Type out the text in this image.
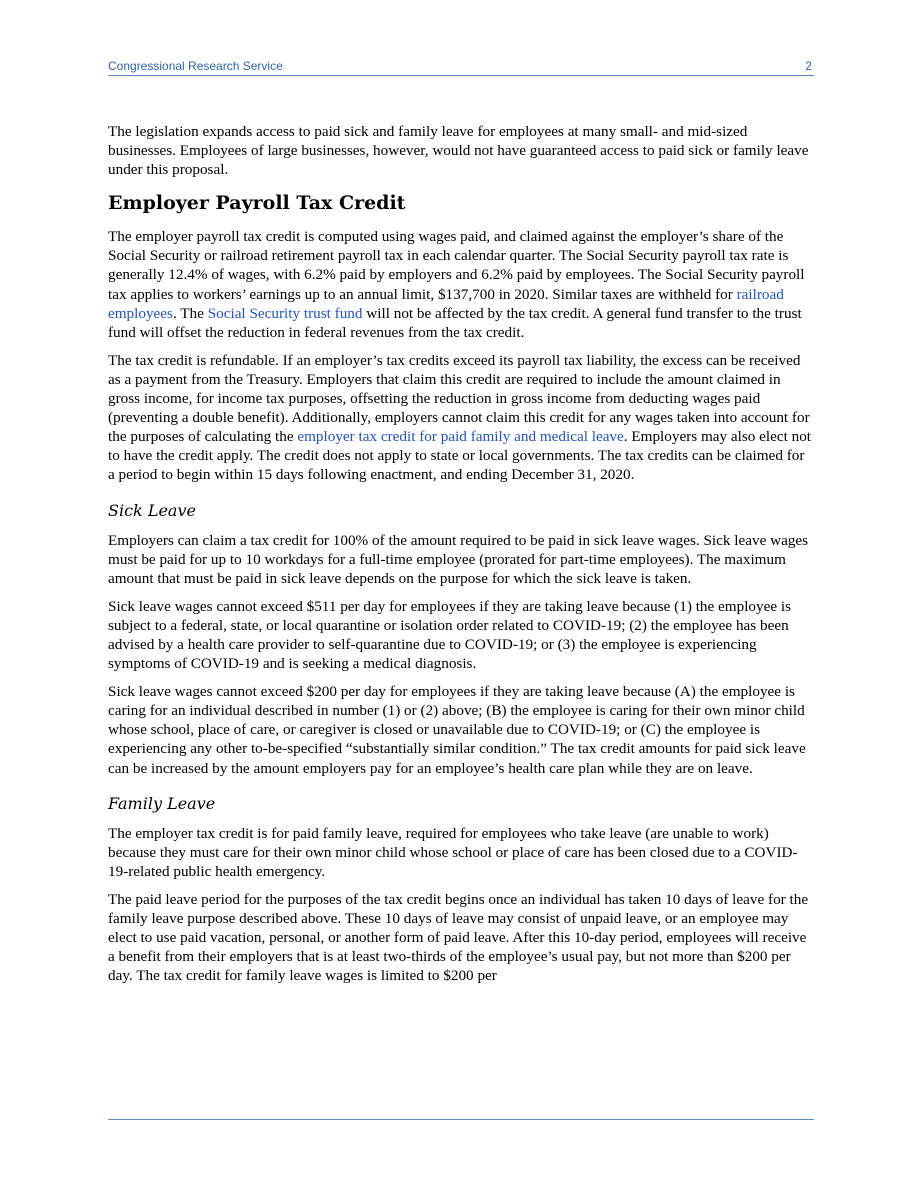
Congressional Research Service	2

The legislation expands access to paid sick and family leave for employees at many small- and mid-sized businesses. Employees of large businesses, however, would not have guaranteed access to paid sick or family leave under this proposal.

Employer Payroll Tax Credit

The employer payroll tax credit is computed using wages paid, and claimed against the employer’s share of the Social Security or railroad retirement payroll tax in each calendar quarter. The Social Security payroll tax rate is generally 12.4% of wages, with 6.2% paid by employers and 6.2% paid by employees. The Social Security payroll tax applies to workers’ earnings up to an annual limit, $137,700 in 2020. Similar taxes are withheld for railroad employees. The Social Security trust fund will not be affected by the tax credit. A general fund transfer to the trust fund will offset the reduction in federal revenues from the tax credit.

The tax credit is refundable. If an employer’s tax credits exceed its payroll tax liability, the excess can be received as a payment from the Treasury. Employers that claim this credit are required to include the amount claimed in gross income, for income tax purposes, offsetting the reduction in gross income from deducting wages paid (preventing a double benefit). Additionally, employers cannot claim this credit for any wages taken into account for the purposes of calculating the employer tax credit for paid family and medical leave. Employers may also elect not to have the credit apply. The credit does not apply to state or local governments. The tax credits can be claimed for a period to begin within 15 days following enactment, and ending December 31, 2020.

Sick Leave

Employers can claim a tax credit for 100% of the amount required to be paid in sick leave wages. Sick leave wages must be paid for up to 10 workdays for a full-time employee (prorated for part-time employees). The maximum amount that must be paid in sick leave depends on the purpose for which the sick leave is taken.

Sick leave wages cannot exceed $511 per day for employees if they are taking leave because (1) the employee is subject to a federal, state, or local quarantine or isolation order related to COVID-19; (2) the employee has been advised by a health care provider to self-quarantine due to COVID-19; or (3) the employee is experiencing symptoms of COVID-19 and is seeking a medical diagnosis.

Sick leave wages cannot exceed $200 per day for employees if they are taking leave because (A) the employee is caring for an individual described in number (1) or (2) above; (B) the employee is caring for their own minor child whose school, place of care, or caregiver is closed or unavailable due to COVID-19; or (C) the employee is experiencing any other to-be-specified “substantially similar condition.” The tax credit amounts for paid sick leave can be increased by the amount employers pay for an employee’s health care plan while they are on leave.

Family Leave

The employer tax credit is for paid family leave, required for employees who take leave (are unable to work) because they must care for their own minor child whose school or place of care has been closed due to a COVID-19-related public health emergency.

The paid leave period for the purposes of the tax credit begins once an individual has taken 10 days of leave for the family leave purpose described above. These 10 days of leave may consist of unpaid leave, or an employee may elect to use paid vacation, personal, or another form of paid leave. After this 10-day period, employees will receive a benefit from their employers that is at least two-thirds of the employee’s usual pay, but not more than $200 per day. The tax credit for family leave wages is limited to $200 per
